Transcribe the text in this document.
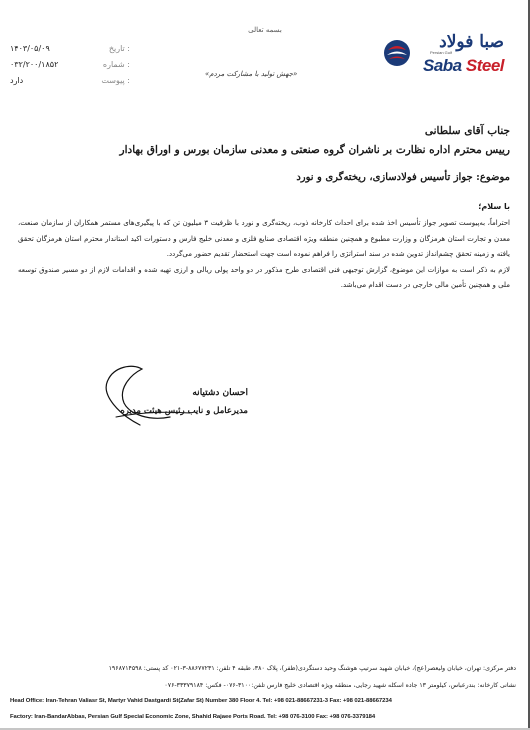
بسمه تعالی
۱۴۰۳/۰۵/۰۹	تاریخ :
۰۳۲/۲۰۰/۱۸۵۲	شماره :
دارد	پیوست :
«جهش تولید با مشارکت مردم»
صبا فولاد
Persian Gulf
Saba Steel
جناب آقای سلطانی
رییس محترم اداره نظارت بر ناشران گروه صنعتی و معدنی سازمان بورس و اوراق بهادار
موضوع: جواز تأسیس فولادسازی، ریخته‌گری و نورد
با سلام؛

احتراماً، به‌پیوست تصویر جواز تأسیس اخذ شده برای احداث کارخانه ذوب، ریخته‌گری و نورد با ظرفیت ۳ میلیون تن که با پیگیری‌های مستمر همکاران از سازمان صنعت، معدن و تجارت استان هرمزگان و وزارت مطبوع و همچنین منطقه ویژه اقتصادی صنایع فلزی و معدنی خلیج فارس و دستورات اکید استاندار محترم استان هرمزگان تحقق یافته و زمینه تحقق چشم‌انداز تدوین شده در سند استراتژی را فراهم نموده است جهت استحضار تقدیم حضور می‌گردد.

لازم به ذکر است به موازات این موضوع، گزارش توجیهی فنی اقتصادی طرح مذکور در دو واحد پولی ریالی و ارزی تهیه شده و اقدامات لازم از دو مسیر صندوق توسعه ملی و همچنین تأمین مالی خارجی در دست اقدام می‌باشد.

احسان دشتیانه
مدیرعامل و نایب رئیس هیئت مدیره
دفتر مرکزی: تهران، خیابان ولیعصر(عج)، خیابان شهید سرتیپ هوشنگ وحید دستگردی(ظفر)، پلاک ۳۸۰، طبقه ۴ تلفن: ۸۸۶۷۷۲۳۱-۳-۰۲۱ کد پستی: ۱۹۶۸۷۱۴۵۹۸
نشانی کارخانه: بندرعباس، کیلومتر ۱۳ جاده اسکله شهید رجایی، منطقه ویژه اقتصادی خلیج فارس تلفن:۳۱۰۰-۰۷۶- فکس: ۳۳۳۷۹۱۸۴-۰۷۶
Head Office: Iran-Tehran Valiasr St, Martyr Vahid Dastgardi St(Zafar St) Number 380 Floor 4. Tel: +98 021-88667231-3 Fax: +98 021-88667234
Factory: Iran-BandarAbbas, Persian Gulf Special Economic Zone, Shahid Rajaee Ports Road. Tel: +98 076-3100 Fax: +98 076-3379184
